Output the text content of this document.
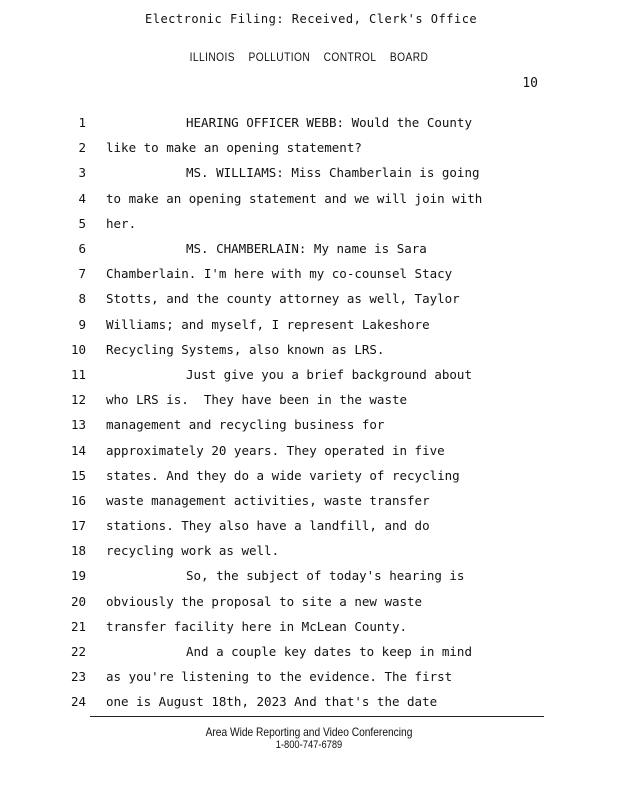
Electronic Filing: Received, Clerk's Office
ILLINOIS POLLUTION CONTROL BOARD
10
1	HEARING OFFICER WEBB: Would the County
2 like to make an opening statement?
3	MS. WILLIAMS: Miss Chamberlain is going
4 to make an opening statement and we will join with
5 her.
6	MS. CHAMBERLAIN: My name is Sara
7 Chamberlain. I'm here with my co-counsel Stacy
8 Stotts, and the county attorney as well, Taylor
9 Williams; and myself, I represent Lakeshore
10 Recycling Systems, also known as LRS.
11	Just give you a brief background about
12 who LRS is.  They have been in the waste
13 management and recycling business for
14 approximately 20 years. They operated in five
15 states. And they do a wide variety of recycling
16 waste management activities, waste transfer
17 stations. They also have a landfill, and do
18 recycling work as well.
19	So, the subject of today's hearing is
20 obviously the proposal to site a new waste
21 transfer facility here in McLean County.
22	And a couple key dates to keep in mind
23 as you're listening to the evidence. The first
24 one is August 18th, 2023 And that's the date
Area Wide Reporting and Video Conferencing
1-800-747-6789
